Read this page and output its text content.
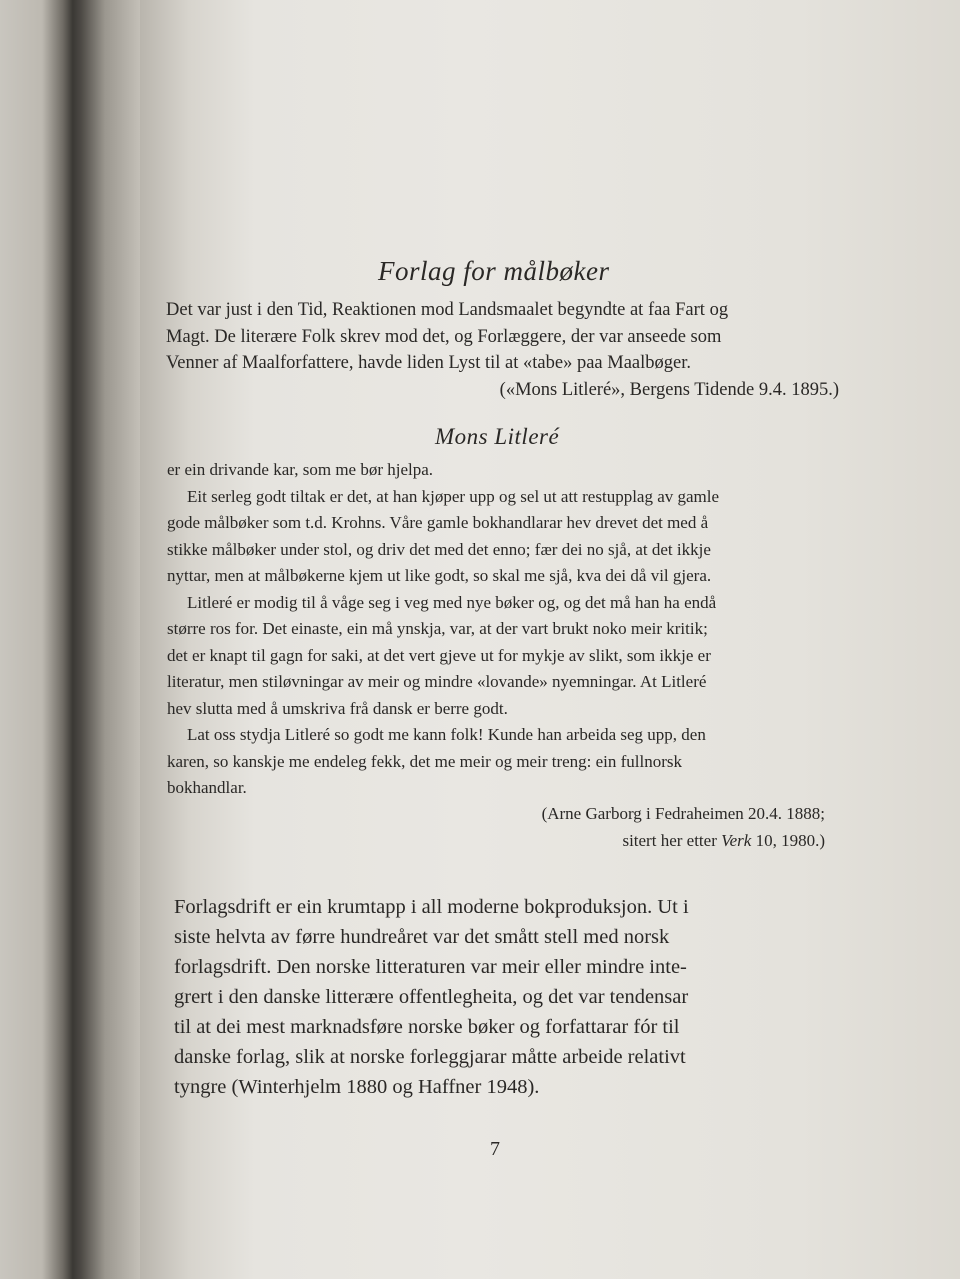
Forlag for målbøker
Det var just i den Tid, Reaktionen mod Landsmaalet begyndte at faa Fart og
Magt. De literære Folk skrev mod det, og Forlæggere, der var anseede som
Venner af Maalforfattere, havde liden Lyst til at «tabe» paa Maalbøger.
(«Mons Litleré», Bergens Tidende 9.4. 1895.)
Mons Litleré
er ein drivande kar, som me bør hjelpa.
Eit serleg godt tiltak er det, at han kjøper upp og sel ut att restupplag av gamle
gode målbøker som t.d. Krohns. Våre gamle bokhandlarar hev drevet det med å
stikke målbøker under stol, og driv det med det enno; fær dei no sjå, at det ikkje
nyttar, men at målbøkerne kjem ut like godt, so skal me sjå, kva dei då vil gjera.
Litleré er modig til å våge seg i veg med nye bøker og, og det må han ha endå
større ros for. Det einaste, ein må ynskja, var, at der vart brukt noko meir kritik;
det er knapt til gagn for saki, at det vert gjeve ut for mykje av slikt, som ikkje er
literatur, men stiløvningar av meir og mindre «lovande» nyemningar. At Litleré
hev slutta med å umskriva frå dansk er berre godt.
Lat oss stydja Litleré so godt me kann folk! Kunde han arbeida seg upp, den
karen, so kanskje me endeleg fekk, det me meir og meir treng: ein fullnorsk
bokhandlar.
(Arne Garborg i Fedraheimen 20.4. 1888;
sitert her etter Verk 10, 1980.)
Forlagsdrift er ein krumtapp i all moderne bokproduksjon. Ut i
siste helvta av førre hundreåret var det smått stell med norsk
forlagsdrift. Den norske litteraturen var meir eller mindre inte-
grert i den danske litterære offentlegheita, og det var tendensar
til at dei mest marknadsføre norske bøker og forfattarar fór til
danske forlag, slik at norske forleggjarar måtte arbeide relativt
tyngre (Winterhjelm 1880 og Haffner 1948).
7
